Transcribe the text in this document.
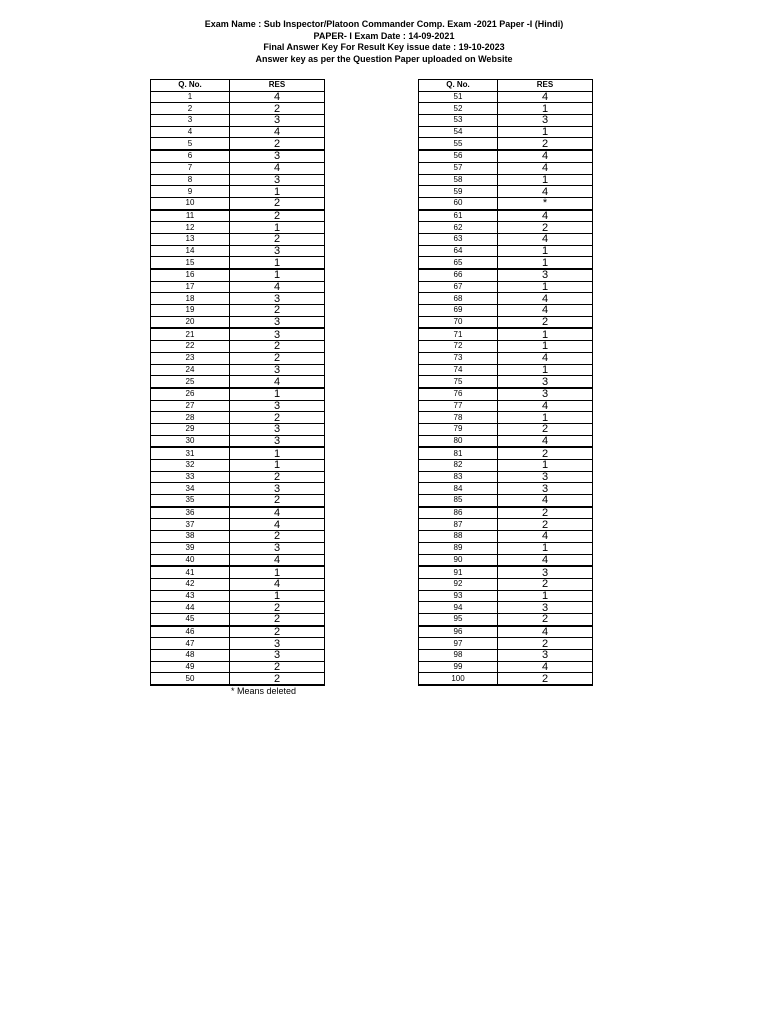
Exam Name : Sub Inspector/Platoon Commander Comp. Exam -2021 Paper -I (Hindi)
PAPER- I Exam Date : 14-09-2021
Final Answer Key For Result Key issue date : 19-10-2023
Answer key as per the Question Paper uploaded on Website
Q. No.	RES
1	4
2	2
3	3
4	4
5	2
6	3
7	4
8	3
9	1
10	2
11	2
12	1
13	2
14	3
15	1
16	1
17	4
18	3
19	2
20	3
21	3
22	2
23	2
24	3
25	4
26	1
27	3
28	2
29	3
30	3
31	1
32	1
33	2
34	3
35	2
36	4
37	4
38	2
39	3
40	4
41	1
42	4
43	1
44	2
45	2
46	2
47	3
48	3
49	2
50	2
Q. No.	RES
51	4
52	1
53	3
54	1
55	2
56	4
57	4
58	1
59	4
60	*
61	4
62	2
63	4
64	1
65	1
66	3
67	1
68	4
69	4
70	2
71	1
72	1
73	4
74	1
75	3
76	3
77	4
78	1
79	2
80	4
81	2
82	1
83	3
84	3
85	4
86	2
87	2
88	4
89	1
90	4
91	3
92	2
93	1
94	3
95	2
96	4
97	2
98	3
99	4
100	2
* Means deleted
